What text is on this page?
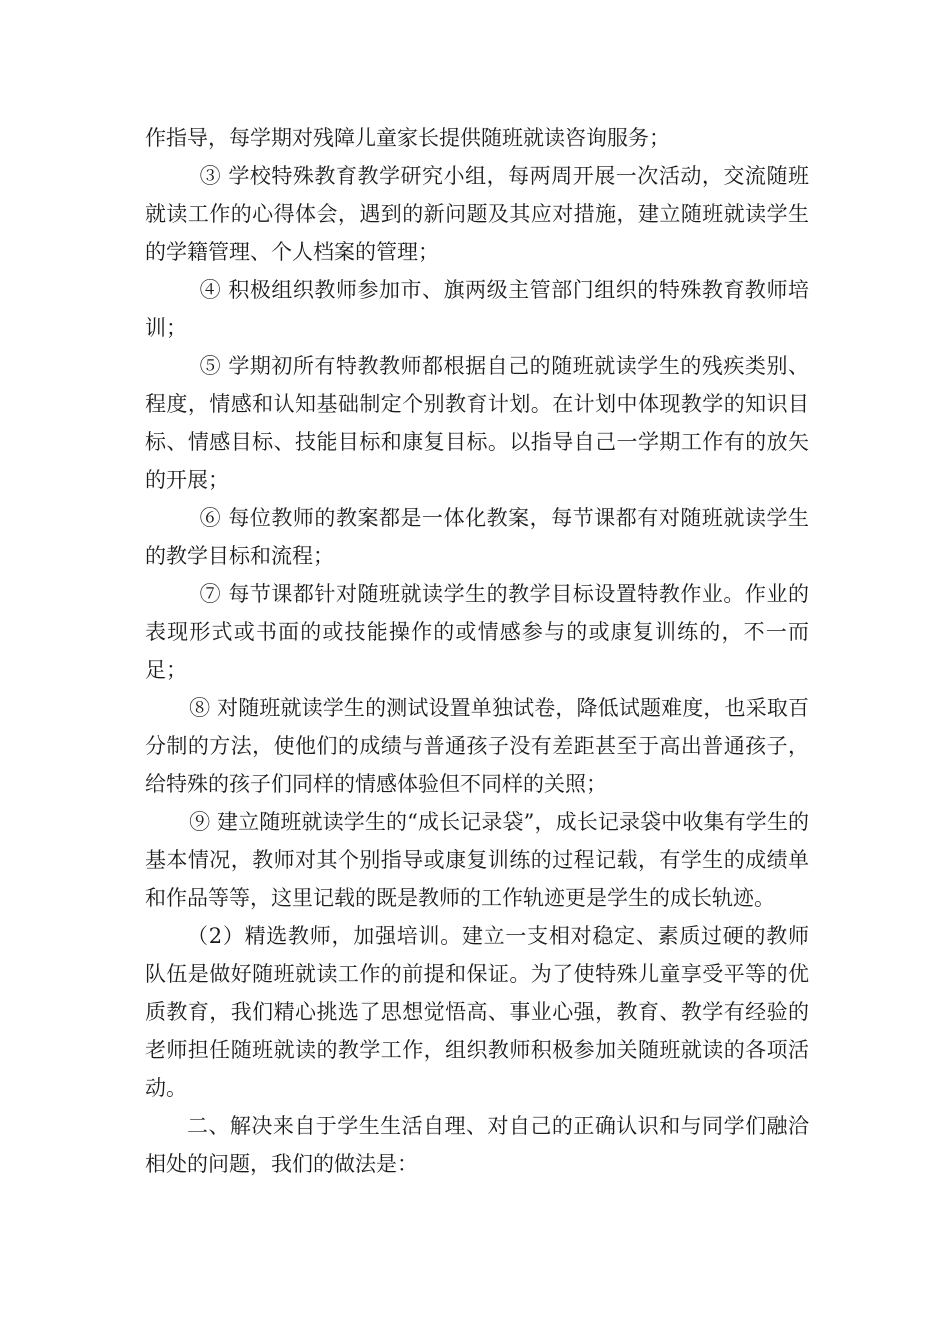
作指导，每学期对残障儿童家长提供随班就读咨询服务；

③ 学校特殊教育教学研究小组，每两周开展一次活动，交流随班就读工作的心得体会，遇到的新问题及其应对措施，建立随班就读学生的学籍管理、个人档案的管理；

④ 积极组织教师参加市、旗两级主管部门组织的特殊教育教师培训；

⑤ 学期初所有特教教师都根据自己的随班就读学生的残疾类别、程度，情感和认知基础制定个别教育计划。在计划中体现教学的知识目标、情感目标、技能目标和康复目标。以指导自己一学期工作有的放矢的开展；

⑥ 每位教师的教案都是一体化教案，每节课都有对随班就读学生的教学目标和流程；

⑦ 每节课都针对随班就读学生的教学目标设置特教作业。作业的表现形式或书面的或技能操作的或情感参与的或康复训练的，不一而足；

⑧ 对随班就读学生的测试设置单独试卷，降低试题难度，也采取百分制的方法，使他们的成绩与普通孩子没有差距甚至于高出普通孩子，给特殊的孩子们同样的情感体验但不同样的关照；

⑨ 建立随班就读学生的“成长记录袋”，成长记录袋中收集有学生的基本情况，教师对其个别指导或康复训练的过程记载，有学生的成绩单和作品等等，这里记载的既是教师的工作轨迹更是学生的成长轨迹。

（2）精选教师，加强培训。建立一支相对稳定、素质过硬的教师队伍是做好随班就读工作的前提和保证。为了使特殊儿童享受平等的优质教育，我们精心挑选了思想觉悟高、事业心强，教育、教学有经验的老师担任随班就读的教学工作，组织教师积极参加关随班就读的各项活动。

二、解决来自于学生生活自理、对自己的正确认识和与同学们融洽相处的问题，我们的做法是：
